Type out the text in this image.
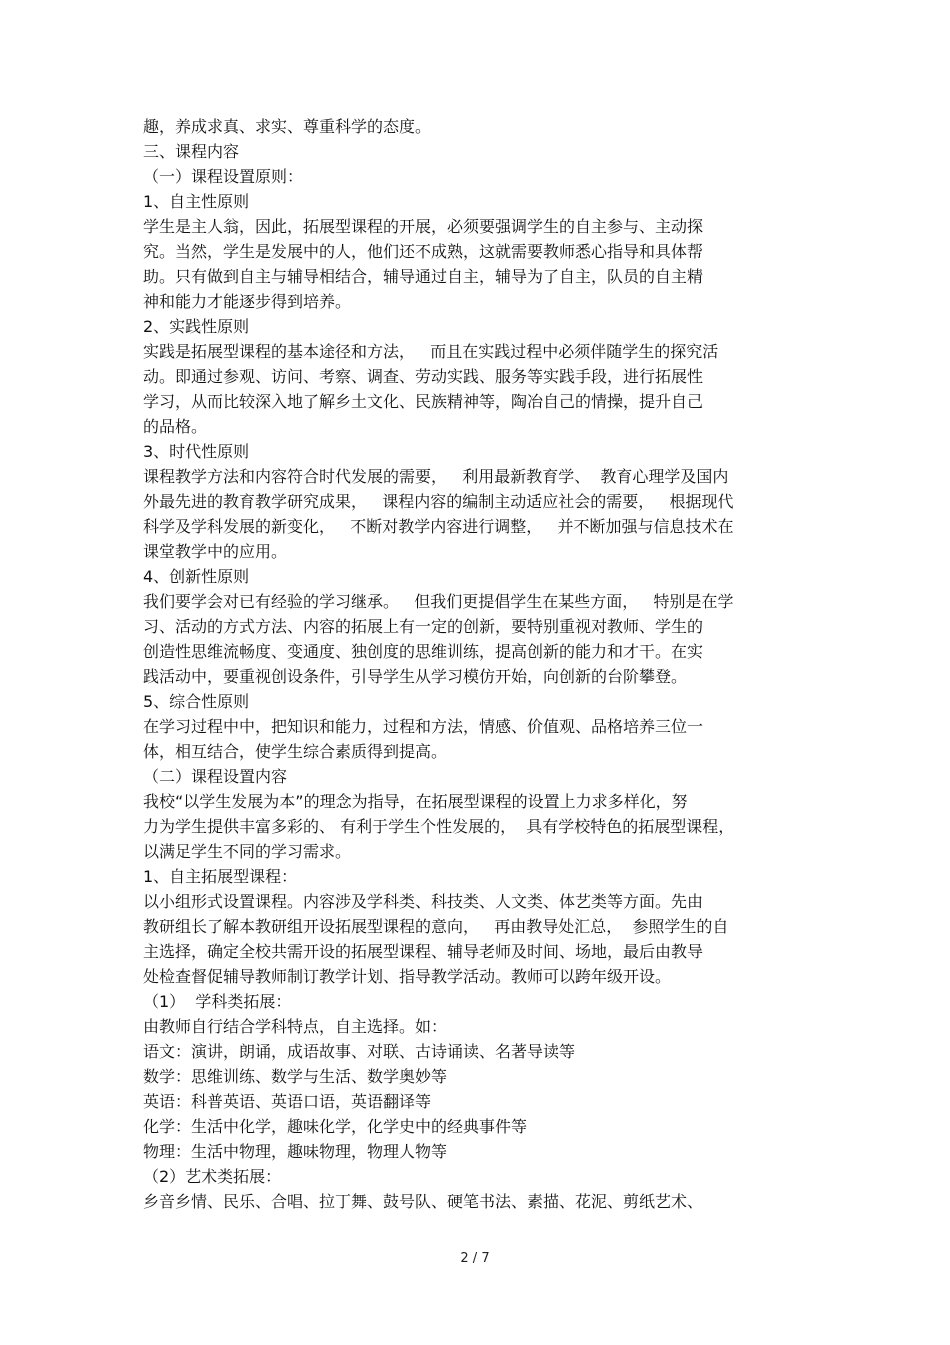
趣，养成求真、求实、尊重科学的态度。
三、课程内容
（一）课程设置原则：
1、自主性原则
学生是主人翁，因此，拓展型课程的开展，必须要强调学生的自主参与、主动探
究。当然，学生是发展中的人，他们还不成熟，这就需要教师悉心指导和具体帮
助。只有做到自主与辅导相结合，辅导通过自主，辅导为了自主，队员的自主精
神和能力才能逐步得到培养。
2、实践性原则
实践是拓展型课程的基本途径和方法，   而且在实践过程中必须伴随学生的探究活
动。即通过参观、访问、考察、调查、劳动实践、服务等实践手段，进行拓展性
学习，从而比较深入地了解乡土文化、民族精神等，陶冶自己的情操，提升自己
的品格。
3、时代性原则
课程教学方法和内容符合时代发展的需要，   利用最新教育学、  教育心理学及国内
外最先进的教育教学研究成果，   课程内容的编制主动适应社会的需要，   根据现代
科学及学科发展的新变化，   不断对教学内容进行调整，   并不断加强与信息技术在
课堂教学中的应用。
4、创新性原则
我们要学会对已有经验的学习继承。   但我们更提倡学生在某些方面，   特别是在学
习、活动的方式方法、内容的拓展上有一定的创新，要特别重视对教师、学生的
创造性思维流畅度、变通度、独创度的思维训练，提高创新的能力和才干。在实
践活动中，要重视创设条件，引导学生从学习模仿开始，向创新的台阶攀登。
5、综合性原则
在学习过程中中，把知识和能力，过程和方法，情感、价值观、品格培养三位一
体，相互结合，使学生综合素质得到提高。
（二）课程设置内容
我校“以学生发展为本”的理念为指导，在拓展型课程的设置上力求多样化，努
力为学生提供丰富多彩的、 有利于学生个性发展的，  具有学校特色的拓展型课程，
以满足学生不同的学习需求。
1、自主拓展型课程：
以小组形式设置课程。内容涉及学科类、科技类、人文类、体艺类等方面。先由
教研组长了解本教研组开设拓展型课程的意向，   再由教导处汇总，  参照学生的自
主选择，确定全校共需开设的拓展型课程、辅导老师及时间、场地，最后由教导
处检查督促辅导教师制订教学计划、指导教学活动。教师可以跨年级开设。
（1）  学科类拓展：
由教师自行结合学科特点，自主选择。如：
语文：演讲，朗诵，成语故事、对联、古诗诵读、名著导读等
数学：思维训练、数学与生活、数学奥妙等
英语：科普英语、英语口语，英语翻译等
化学：生活中化学，趣味化学，化学史中的经典事件等
物理：生活中物理，趣味物理，物理人物等
（2）艺术类拓展：
乡音乡情、民乐、合唱、拉丁舞、鼓号队、硬笔书法、素描、花泥、剪纸艺术、
2 / 7
